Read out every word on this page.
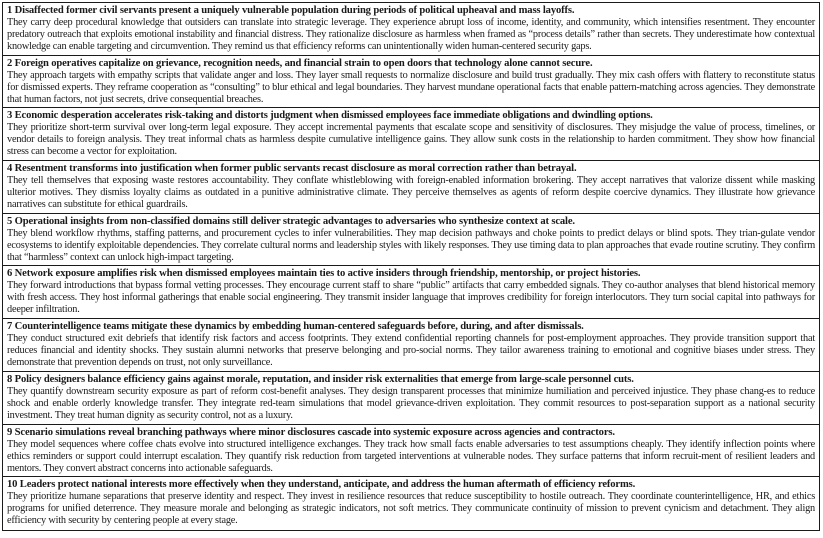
1 Disaffected former civil servants present a uniquely vulnerable population during periods of political upheaval and mass layoffs.
They carry deep procedural knowledge that outsiders can translate into strategic leverage. They experience abrupt loss of income, identity, and community, which intensifies resentment. They encounter predatory outreach that exploits emotional instability and financial distress. They rationalize disclosure as harmless when framed as “process details” rather than secrets. They underestimate how contextual knowledge can enable targeting and circumvention. They remind us that efficiency reforms can unintentionally widen human-centered security gaps.
2 Foreign operatives capitalize on grievance, recognition needs, and financial strain to open doors that technology alone cannot secure.
They approach targets with empathy scripts that validate anger and loss. They layer small requests to normalize disclosure and build trust gradually. They mix cash offers with flattery to reconstitute status for dismissed experts. They reframe cooperation as “consulting” to blur ethical and legal boundaries. They harvest mundane operational facts that enable pattern-matching across agencies. They demonstrate that human factors, not just secrets, drive consequential breaches.
3 Economic desperation accelerates risk-taking and distorts judgment when dismissed employees face immediate obligations and dwindling options.
They prioritize short-term survival over long-term legal exposure. They accept incremental payments that escalate scope and sensitivity of disclosures. They misjudge the value of process, timelines, or vendor details to foreign analysis. They treat informal chats as harmless despite cumulative intelligence gains. They allow sunk costs in the relationship to harden commitment. They show how financial stress can become a vector for exploitation.
4 Resentment transforms into justification when former public servants recast disclosure as moral correction rather than betrayal.
They tell themselves that exposing waste restores accountability. They conflate whistleblowing with foreign-enabled information brokering. They accept narratives that valorize dissent while masking ulterior motives. They dismiss loyalty claims as outdated in a punitive administrative climate. They perceive themselves as agents of reform despite coercive dynamics. They illustrate how grievance narratives can substitute for ethical guardrails.
5 Operational insights from non-classified domains still deliver strategic advantages to adversaries who synthesize context at scale.
They blend workflow rhythms, staffing patterns, and procurement cycles to infer vulnerabilities. They map decision pathways and choke points to predict delays or blind spots. They trian-gulate vendor ecosystems to identify exploitable dependencies. They correlate cultural norms and leadership styles with likely responses. They use timing data to plan approaches that evade routine scrutiny. They confirm that “harmless” context can unlock high-impact targeting.
6 Network exposure amplifies risk when dismissed employees maintain ties to active insiders through friendship, mentorship, or project histories.
They forward introductions that bypass formal vetting processes. They encourage current staff to share “public” artifacts that carry embedded signals. They co-author analyses that blend historical memory with fresh access. They host informal gatherings that enable social engineering. They transmit insider language that improves credibility for foreign interlocutors. They turn social capital into pathways for deeper infiltration.
7 Counterintelligence teams mitigate these dynamics by embedding human-centered safeguards before, during, and after dismissals.
They conduct structured exit debriefs that identify risk factors and access footprints. They extend confidential reporting channels for post-employment approaches. They provide transition support that reduces financial and identity shocks. They sustain alumni networks that preserve belonging and pro-social norms. They tailor awareness training to emotional and cognitive biases under stress. They demonstrate that prevention depends on trust, not only surveillance.
8 Policy designers balance efficiency gains against morale, reputation, and insider risk externalities that emerge from large-scale personnel cuts.
They quantify downstream security exposure as part of reform cost-benefit analyses. They design transparent processes that minimize humiliation and perceived injustice. They phase chang-es to reduce shock and enable orderly knowledge transfer. They integrate red-team simulations that model grievance-driven exploitation. They commit resources to post-separation support as a national security investment. They treat human dignity as security control, not as a luxury.
9 Scenario simulations reveal branching pathways where minor disclosures cascade into systemic exposure across agencies and contractors.
They model sequences where coffee chats evolve into structured intelligence exchanges. They track how small facts enable adversaries to test assumptions cheaply. They identify inflection points where ethics reminders or support could interrupt escalation. They quantify risk reduction from targeted interventions at vulnerable nodes. They surface patterns that inform recruit-ment of resilient leaders and mentors. They convert abstract concerns into actionable safeguards.
10 Leaders protect national interests more effectively when they understand, anticipate, and address the human aftermath of efficiency reforms.
They prioritize humane separations that preserve identity and respect. They invest in resilience resources that reduce susceptibility to hostile outreach. They coordinate counterintelligence, HR, and ethics programs for unified deterrence. They measure morale and belonging as strategic indicators, not soft metrics. They communicate continuity of mission to prevent cynicism and detachment. They align efficiency with security by centering people at every stage.
